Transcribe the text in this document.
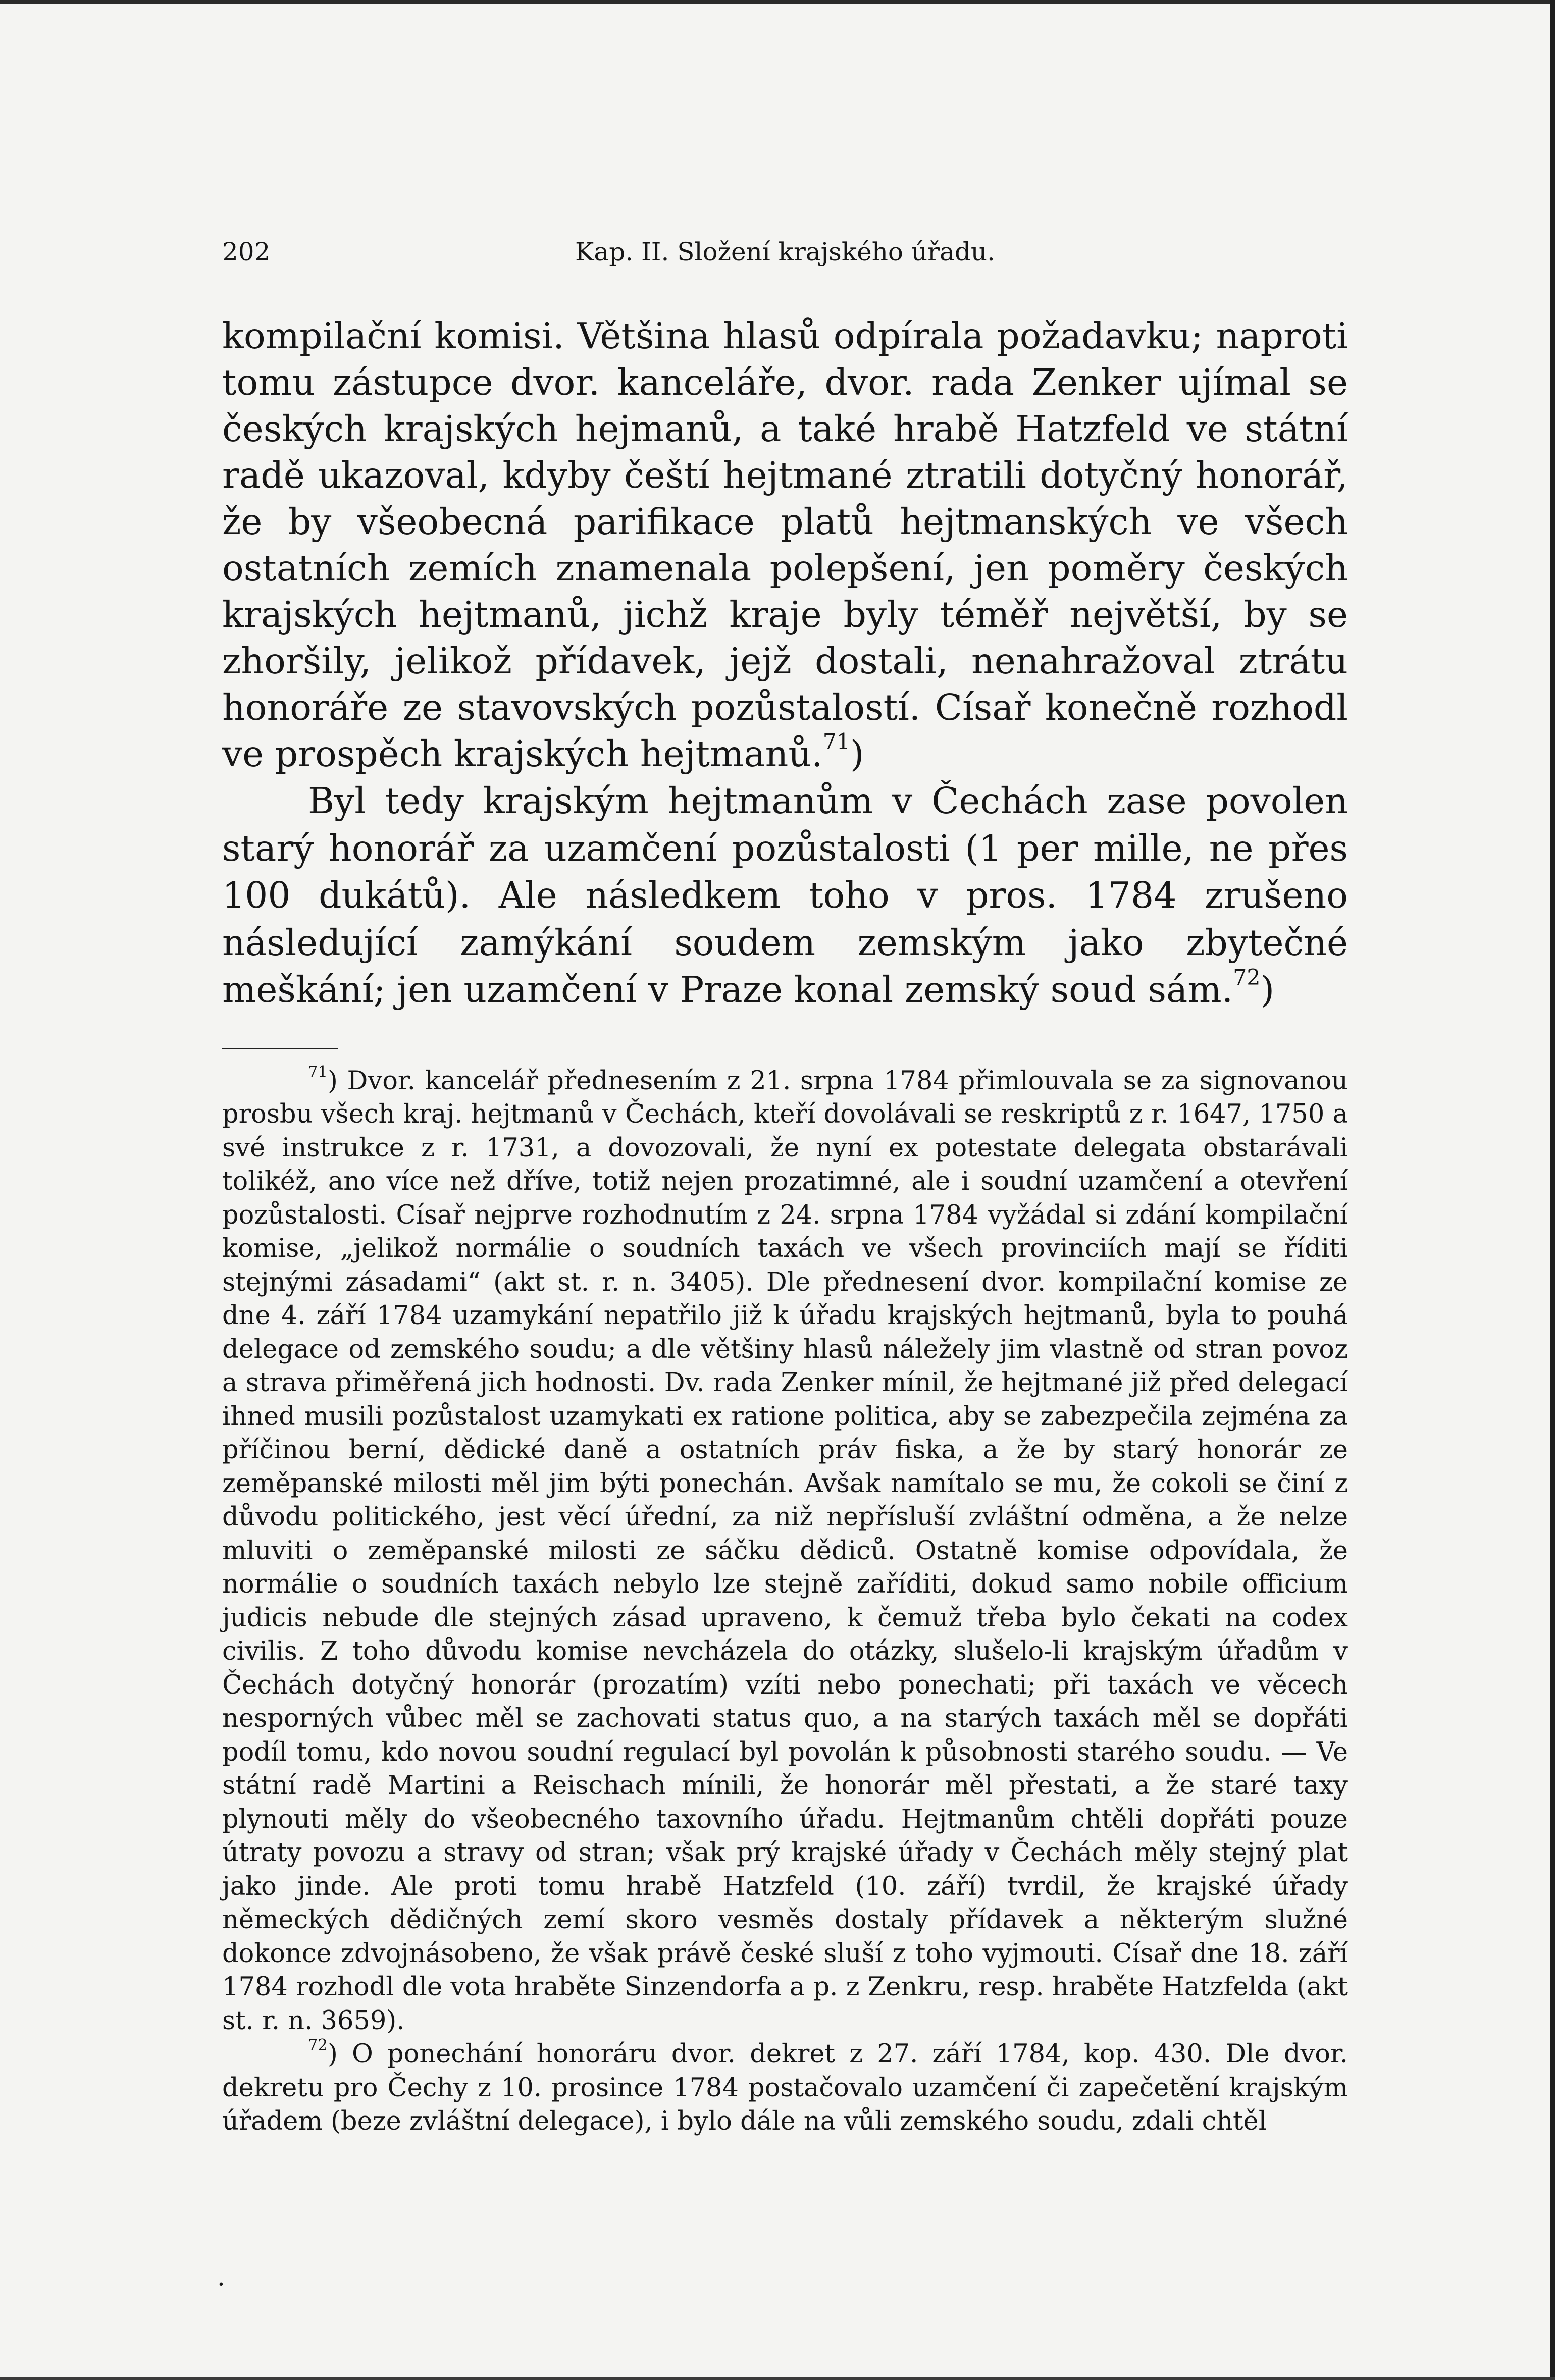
202	Kap. II. Složení krajského úřadu.

kompilační komisi. Většina hlasů odpírala požadavku; naproti tomu zástupce dvor. kanceláře, dvor. rada Zenker ujímal se českých krajských hejmanů, a také hrabě Hatzfeld ve státní radě ukazoval, kdyby čeští hejtmané ztratili dotyčný honorář, že by všeobecná parifikace platů hejtmanských ve všech ostatních zemích znamenala polepšení, jen poměry českých krajských hejtmanů, jichž kraje byly téměř největší, by se zhoršily, jelikož přídavek, jejž dostali, nenahražoval ztrátu honoráře ze stavovských pozůstalostí. Císař konečně rozhodl ve prospěch krajských hejtmanů.$^{71}$)

Byl tedy krajským hejtmanům v Čechách zase povolen starý honorář za uzamčení pozůstalosti (1 per mille, ne přes 100 dukátů). Ale následkem toho v pros. 1784 zrušeno následující zamýkání soudem zemským jako zbytečné meškání; jen uzamčení v Praze konal zemský soud sám.$^{72}$)

$^{71}$) Dvor. kancelář přednesením z 21. srpna 1784 přimlouvala se za signovanou prosbu všech kraj. hejtmanů v Čechách, kteří dovolávali se reskriptů z r. 1647, 1750 a své instrukce z r. 1731, a dovozovali, že nyní ex potestate delegata obstarávali tolikéž, ano více než dříve, totiž nejen prozatimné, ale i soudní uzamčení a otevření pozůstalosti. Císař nejprve rozhodnutím z 24. srpna 1784 vyžádal si zdání kompilační komise, „jelikož normálie o soudních taxách ve všech provinciích mají se říditi stejnými zásadami“ (akt st. r. n. 3405). Dle přednesení dvor. kompilační komise ze dne 4. září 1784 uzamykání nepatřilo již k úřadu krajských hejtmanů, byla to pouhá delegace od zemského soudu; a dle většiny hlasů náležely jim vlastně od stran povoz a strava přiměřená jich hodnosti. Dv. rada Zenker mínil, že hejtmané již před delegací ihned musili pozůstalost uzamykati ex ratione politica, aby se zabezpečila zejména za příčinou berní, dědické daně a ostatních práv fiska, a že by starý honorár ze zeměpanské milosti měl jim býti ponechán. Avšak namítalo se mu, že cokoli se činí z důvodu politického, jest věcí úřední, za niž nepřísluší zvláštní odměna, a že nelze mluviti o zeměpanské milosti ze sáčku dědiců. Ostatně komise odpovídala, že normálie o soudních taxách nebylo lze stejně zaříditi, dokud samo nobile officium judicis nebude dle stejných zásad upraveno, k čemuž třeba bylo čekati na codex civilis. Z toho důvodu komise nevcházela do otázky, slušelo-li krajským úřadům v Čechách dotyčný honorár (prozatím) vzíti nebo ponechati; při taxách ve věcech nesporných vůbec měl se zachovati status quo, a na starých taxách měl se dopřáti podíl tomu, kdo novou soudní regulací byl povolán k působnosti starého soudu. — Ve státní radě Martini a Reischach mínili, že honorár měl přestati, a že staré taxy plynouti měly do všeobecného taxovního úřadu. Hejtmanům chtěli dopřáti pouze útraty povozu a stravy od stran; však prý krajské úřady v Čechách měly stejný plat jako jinde. Ale proti tomu hrabě Hatzfeld (10. září) tvrdil, že krajské úřady německých dědičných zemí skoro vesměs dostaly přídavek a některým služné dokonce zdvojnásobeno, že však právě české sluší z toho vyjmouti. Císař dne 18. září 1784 rozhodl dle vota hraběte Sinzendorfa a p. z Zenkru, resp. hraběte Hatzfelda (akt st. r. n. 3659).

$^{72}$) O ponechání honoráru dvor. dekret z 27. září 1784, kop. 430. Dle dvor. dekretu pro Čechy z 10. prosince 1784 postačovalo uzamčení či zapečetění krajským úřadem (beze zvláštní delegace), i bylo dále na vůli zemského soudu, zdali chtěl

·
